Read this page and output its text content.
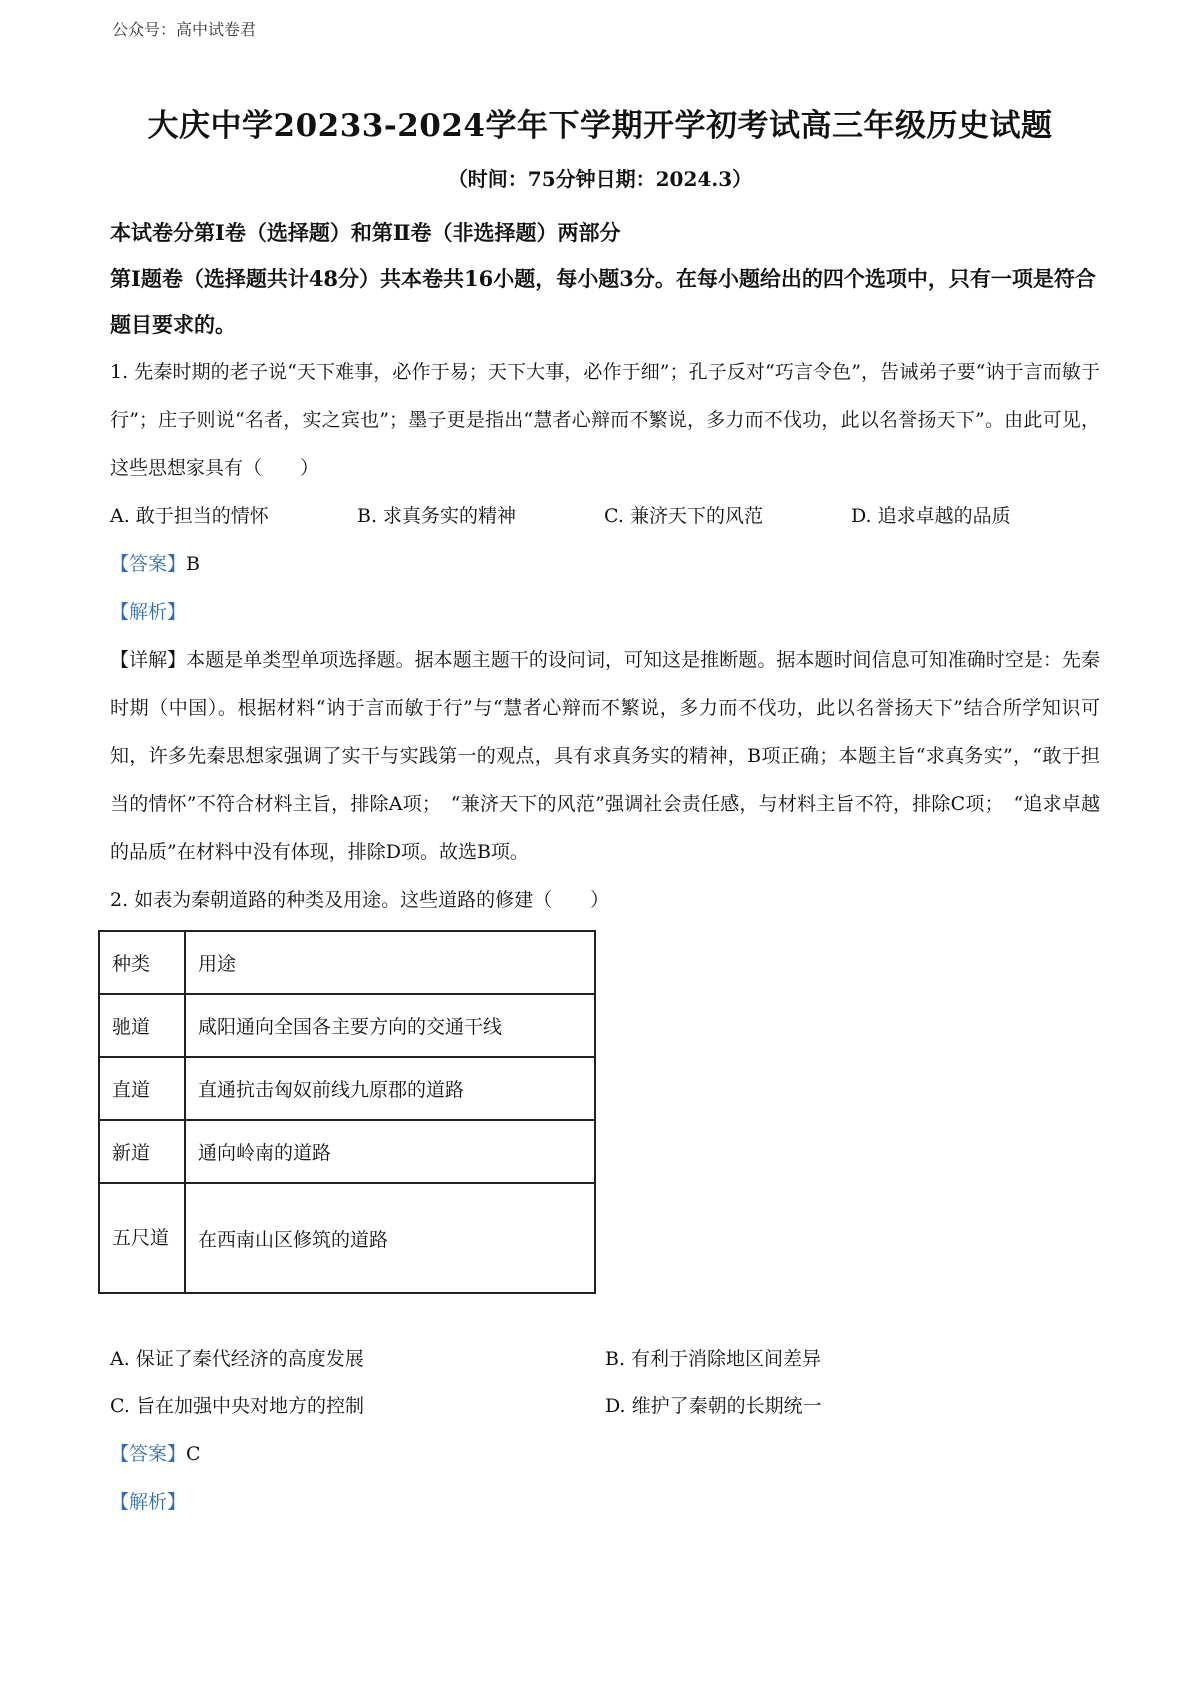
公众号：高中试卷君
大庆中学20233-2024学年下学期开学初考试高三年级历史试题
（时间：75分钟日期：2024.3）

本试卷分第Ⅰ卷（选择题）和第Ⅱ卷（非选择题）两部分

第Ⅰ题卷（选择题共计48分）共本卷共16小题，每小题3分。在每小题给出的四个选项中，只有一项是符合题目要求的。

1. 先秦时期的老子说“天下难事，必作于易；天下大事，必作于细”；孔子反对“巧言令色”，告诫弟子要“讷于言而敏于行”；庄子则说“名者，实之宾也”；墨子更是指出“慧者心辩而不繁说，多力而不伐功，此以名誉扬天下”。由此可见，这些思想家具有（　　）

A. 敢于担当的情怀	B. 求真务实的精神	C. 兼济天下的风范	D. 追求卓越的品质

【答案】B

【解析】

【详解】本题是单类型单项选择题。据本题主题干的设问词，可知这是推断题。据本题时间信息可知准确时空是：先秦时期（中国）。根据材料“讷于言而敏于行”与“慧者心辩而不繁说，多力而不伐功，此以名誉扬天下”结合所学知识可知，许多先秦思想家强调了实干与实践第一的观点，具有求真务实的精神，B项正确；本题主旨“求真务实”，“敢于担当的情怀”不符合材料主旨，排除A项；　“兼济天下的风范”强调社会责任感，与材料主旨不符，排除C项；　“追求卓越的品质”在材料中没有体现，排除D项。故选B项。

2. 如表为秦朝道路的种类及用途。这些道路的修建（　　）

种类	用途
驰道	咸阳通向全国各主要方向的交通干线
直道	直通抗击匈奴前线九原郡的道路
新道	通向岭南的道路

五尺道	在西南山区修筑的道路
A. 保证了秦代经济的高度发展	B. 有利于消除地区间差异
C. 旨在加强中央对地方的控制	D. 维护了秦朝的长期统一

【答案】C

【解析】
